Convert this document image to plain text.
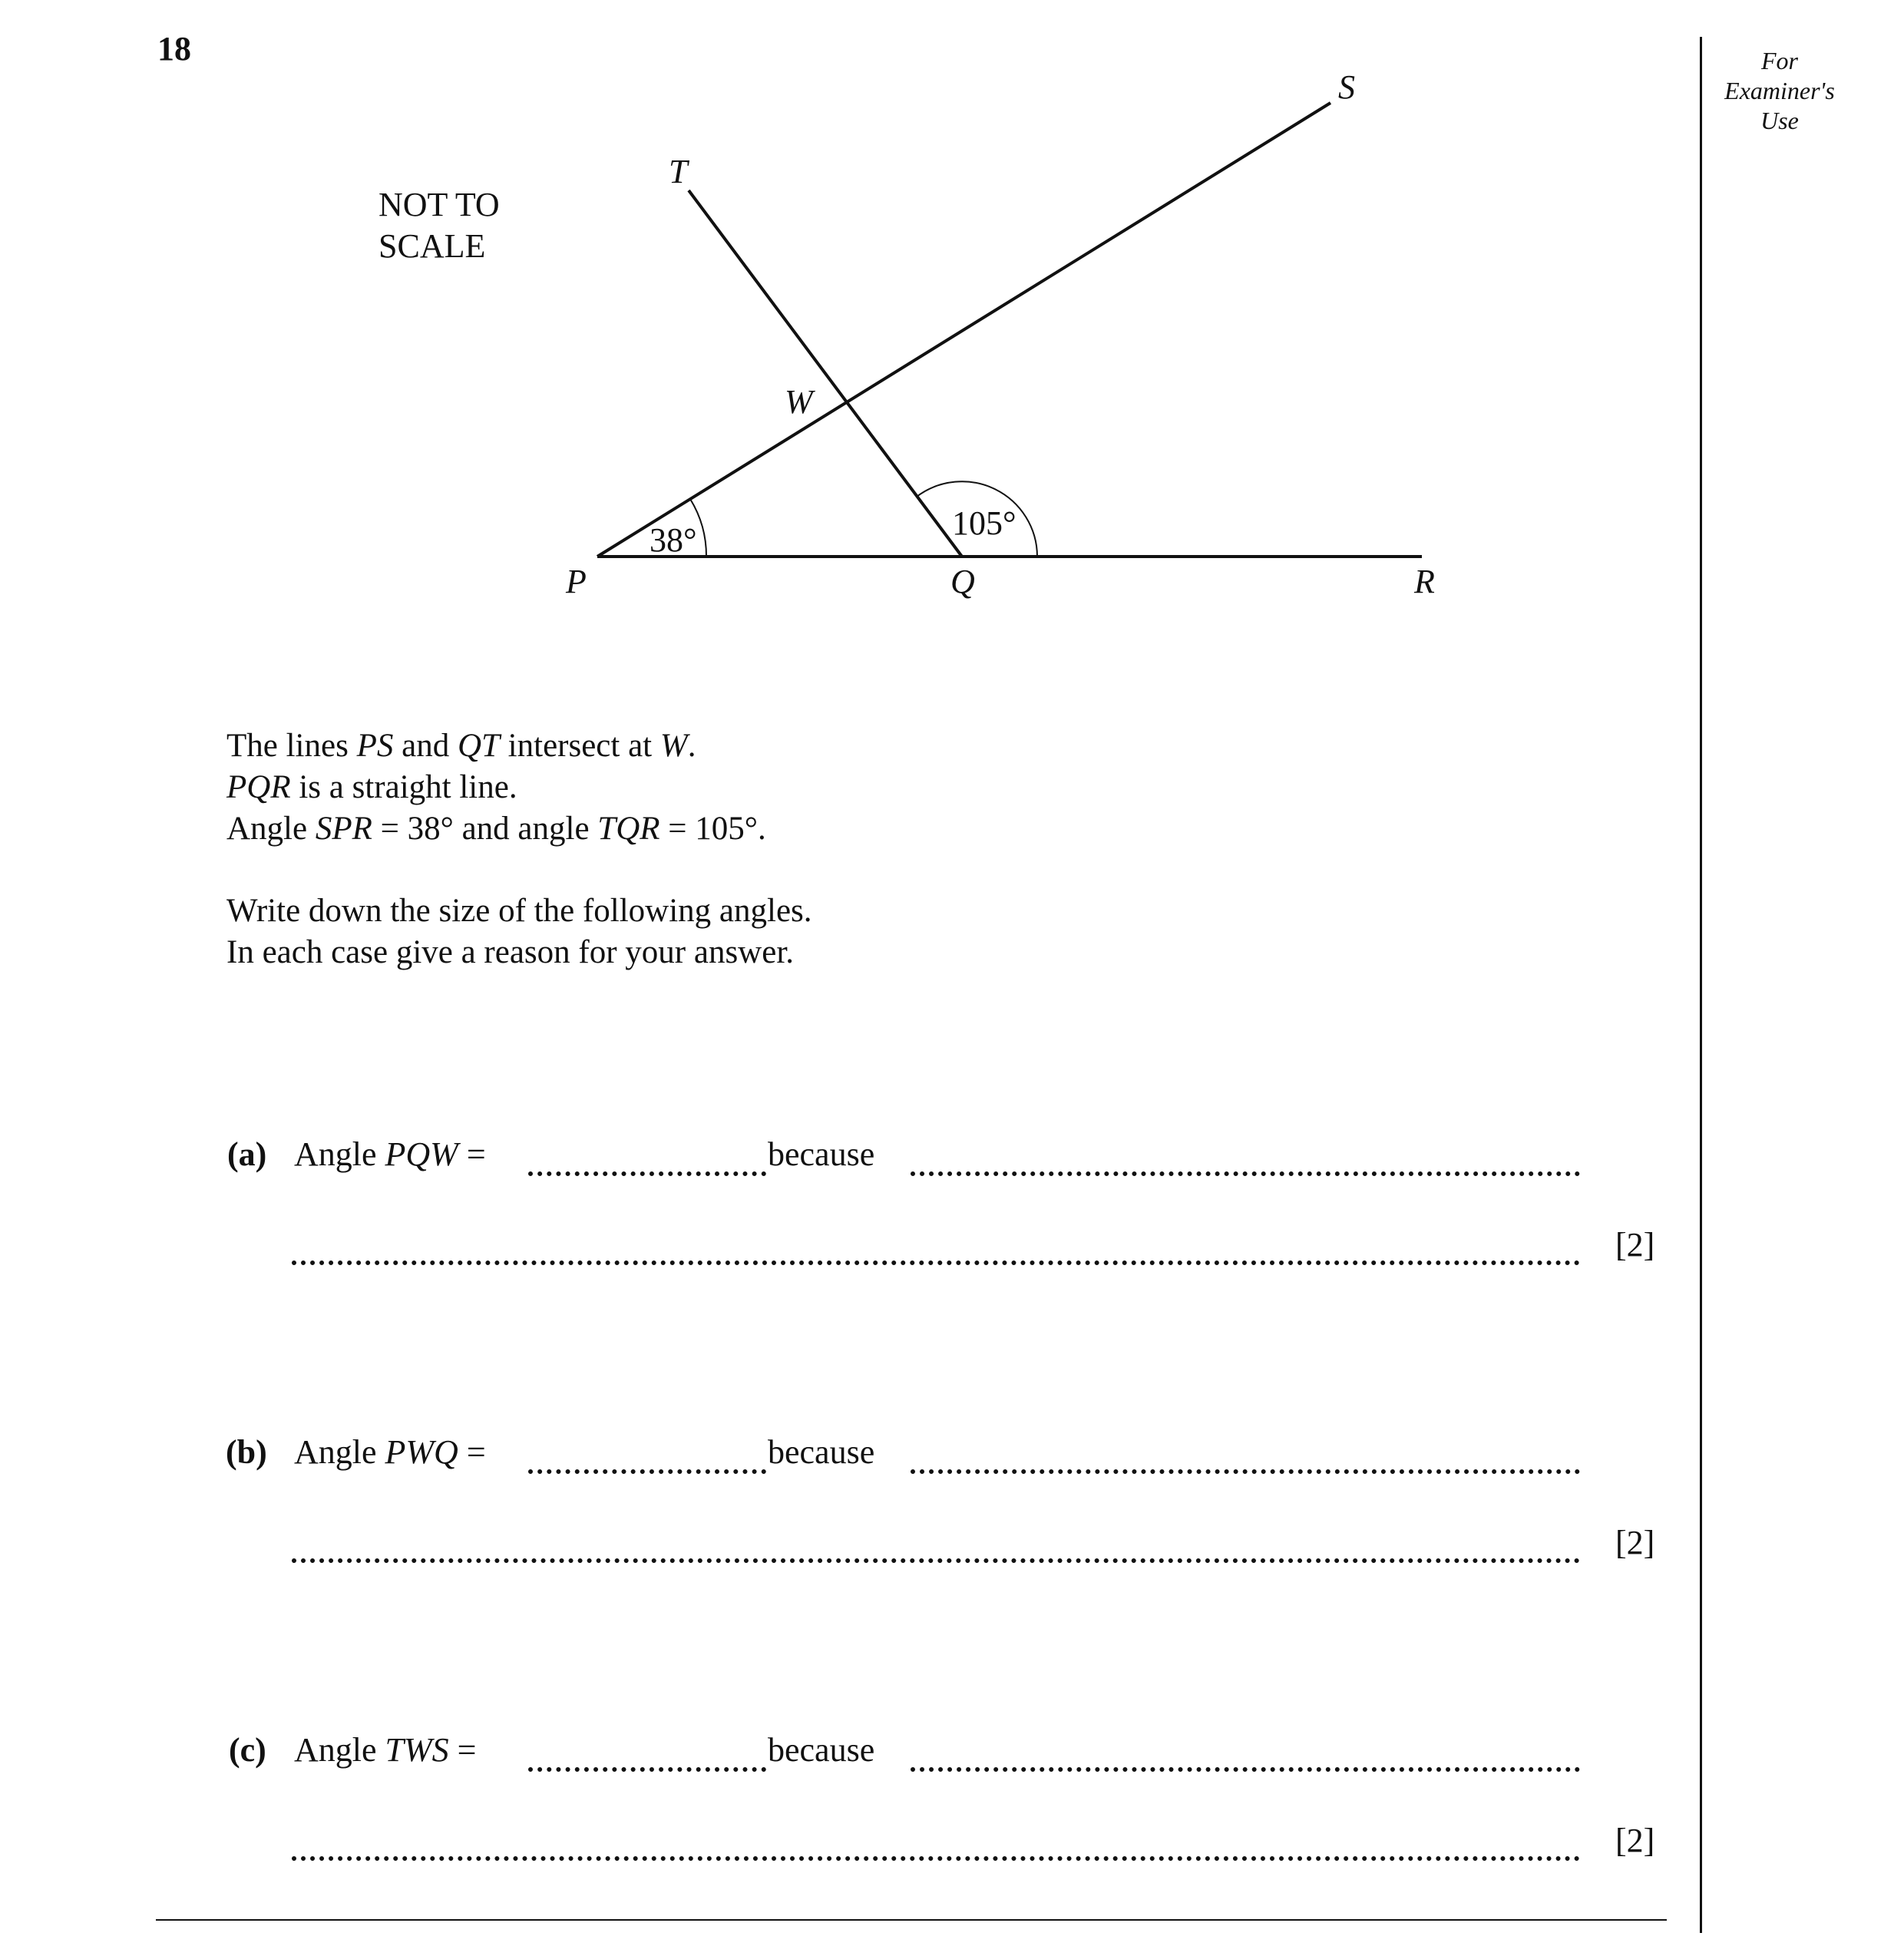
18	For
Examiner's
Use
NOT TO
SCALE
P	Q	R
S
T
W
38°	105°
The lines PS and QT intersect at W.
PQR is a straight line.
Angle SPR = 38° and angle TQR = 105°.
Write down the size of the following angles.
In each case give a reason for your answer.
(a) Angle PQW =	because
[2]
(b) Angle PWQ =	because
[2]
(c) Angle TWS =	because
[2]
